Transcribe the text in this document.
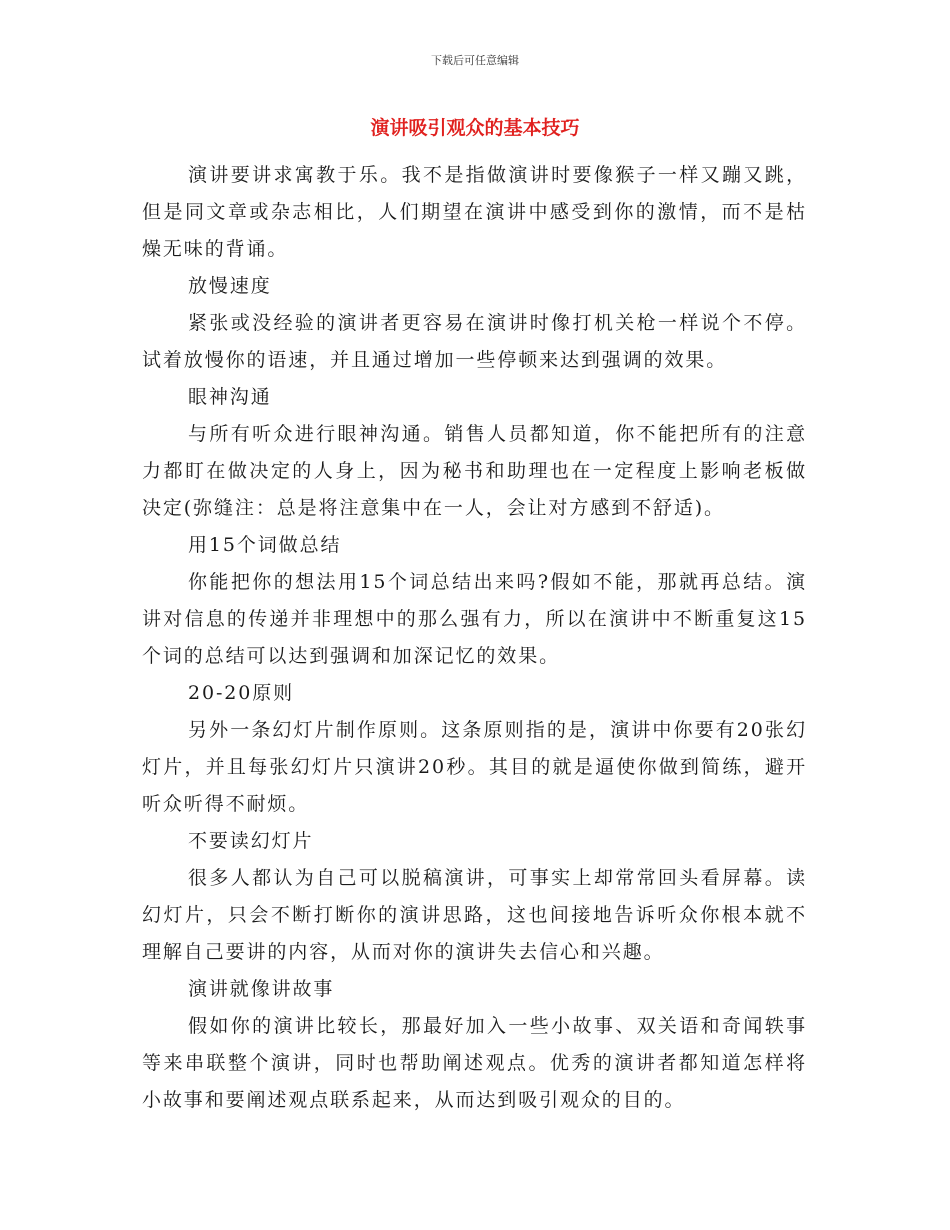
下载后可任意编辑
演讲吸引观众的基本技巧

演讲要讲求寓教于乐。我不是指做演讲时要像猴子一样又蹦又跳，但是同文章或杂志相比，人们期望在演讲中感受到你的激情，而不是枯燥无味的背诵。

放慢速度

紧张或没经验的演讲者更容易在演讲时像打机关枪一样说个不停。试着放慢你的语速，并且通过增加一些停顿来达到强调的效果。

眼神沟通

与所有听众进行眼神沟通。销售人员都知道，你不能把所有的注意力都盯在做决定的人身上，因为秘书和助理也在一定程度上影响老板做决定(弥缝注：总是将注意集中在一人，会让对方感到不舒适)。

用15个词做总结

你能把你的想法用15个词总结出来吗?假如不能，那就再总结。演讲对信息的传递并非理想中的那么强有力，所以在演讲中不断重复这15个词的总结可以达到强调和加深记忆的效果。

20-20原则

另外一条幻灯片制作原则。这条原则指的是，演讲中你要有20张幻灯片，并且每张幻灯片只演讲20秒。其目的就是逼使你做到简练，避开听众听得不耐烦。

不要读幻灯片

很多人都认为自己可以脱稿演讲，可事实上却常常回头看屏幕。读幻灯片，只会不断打断你的演讲思路，这也间接地告诉听众你根本就不理解自己要讲的内容，从而对你的演讲失去信心和兴趣。

演讲就像讲故事

假如你的演讲比较长，那最好加入一些小故事、双关语和奇闻轶事等来串联整个演讲，同时也帮助阐述观点。优秀的演讲者都知道怎样将小故事和要阐述观点联系起来，从而达到吸引观众的目的。
